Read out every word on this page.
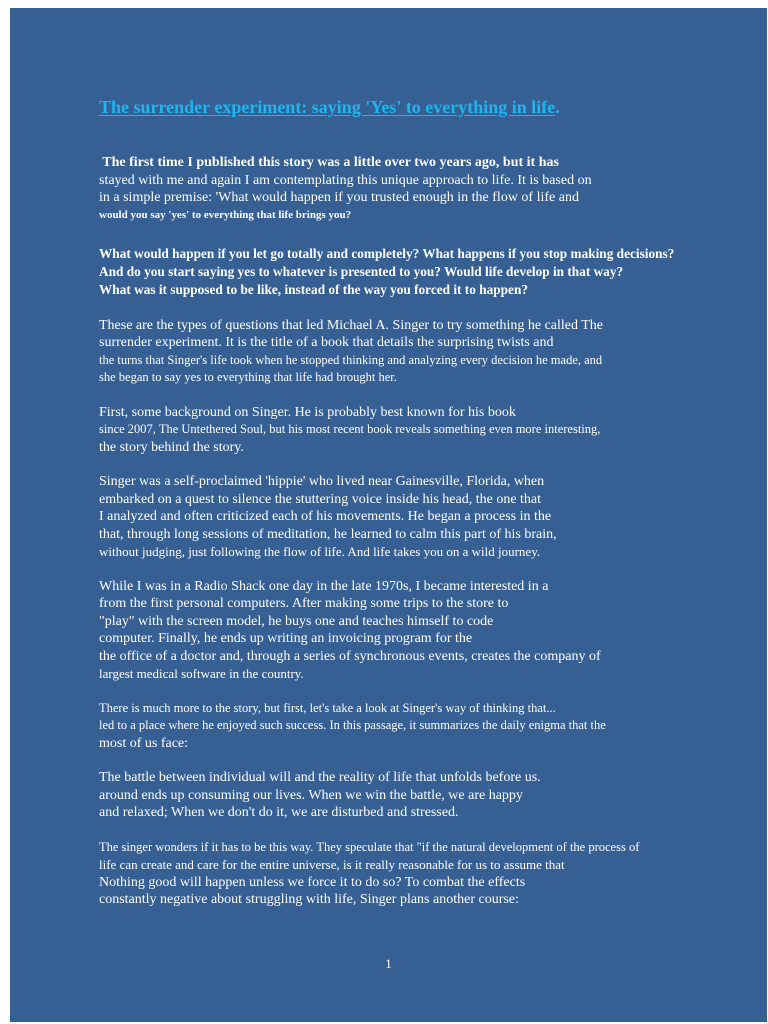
The surrender experiment: saying 'Yes' to everything in life.
The first time I published this story was a little over two years ago, but it has
stayed with me and again I am contemplating this unique approach to life. It is based on
in a simple premise: 'What would happen if you trusted enough in the flow of life and
would you say 'yes' to everything that life brings you?
What would happen if you let go totally and completely? What happens if you stop making decisions?
And do you start saying yes to whatever is presented to you? Would life develop in that way?
What was it supposed to be like, instead of the way you forced it to happen?
These are the types of questions that led Michael A. Singer to try something he called The
surrender experiment. It is the title of a book that details the surprising twists and
the turns that Singer's life took when he stopped thinking and analyzing every decision he made, and
she began to say yes to everything that life had brought her.
First, some background on Singer. He is probably best known for his book
since 2007, The Untethered Soul, but his most recent book reveals something even more interesting,
the story behind the story.
Singer was a self-proclaimed 'hippie' who lived near Gainesville, Florida, when
embarked on a quest to silence the stuttering voice inside his head, the one that
I analyzed and often criticized each of his movements. He began a process in the
that, through long sessions of meditation, he learned to calm this part of his brain,
without judging, just following the flow of life. And life takes you on a wild journey.
While I was in a Radio Shack one day in the late 1970s, I became interested in a
from the first personal computers. After making some trips to the store to
"play" with the screen model, he buys one and teaches himself to code
computer. Finally, he ends up writing an invoicing program for the
the office of a doctor and, through a series of synchronous events, creates the company of
largest medical software in the country.
There is much more to the story, but first, let's take a look at Singer's way of thinking that...
led to a place where he enjoyed such success. In this passage, it summarizes the daily enigma that the
most of us face:
The battle between individual will and the reality of life that unfolds before us.
around ends up consuming our lives. When we win the battle, we are happy
and relaxed; When we don't do it, we are disturbed and stressed.
The singer wonders if it has to be this way. They speculate that "if the natural development of the process of
life can create and care for the entire universe, is it really reasonable for us to assume that
Nothing good will happen unless we force it to do so? To combat the effects
constantly negative about struggling with life, Singer plans another course:
1
